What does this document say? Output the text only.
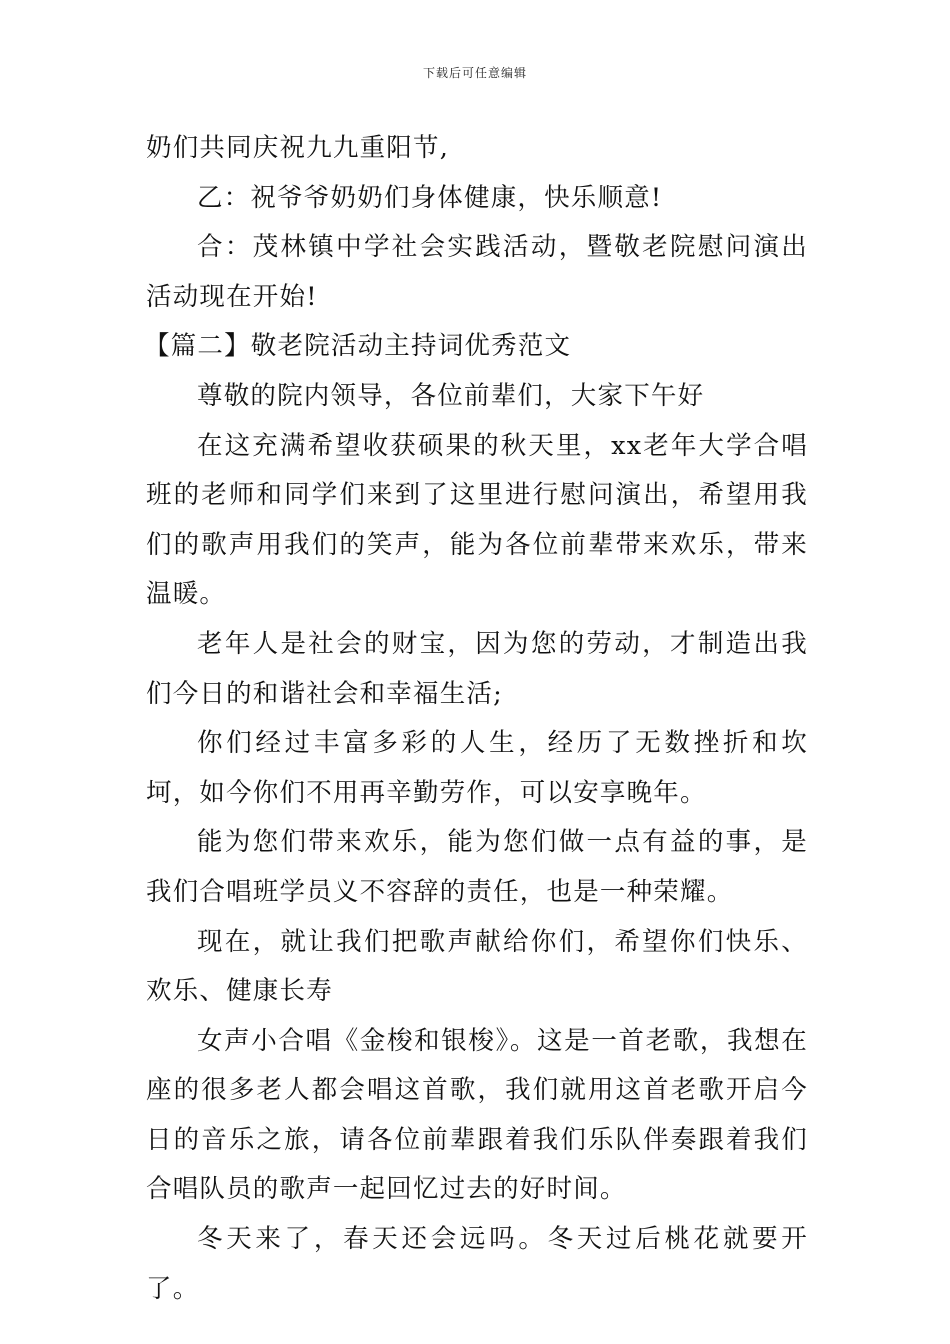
下载后可任意编辑

奶们共同庆祝九九重阳节,

乙：祝爷爷奶奶们身体健康，快乐顺意!

合：茂林镇中学社会实践活动，暨敬老院慰问演出活动现在开始!

【篇二】敬老院活动主持词优秀范文

尊敬的院内领导，各位前辈们，大家下午好

在这充满希望收获硕果的秋天里，xx老年大学合唱班的老师和同学们来到了这里进行慰问演出，希望用我们的歌声用我们的笑声，能为各位前辈带来欢乐，带来温暖。

老年人是社会的财宝，因为您的劳动，才制造出我们今日的和谐社会和幸福生活;

你们经过丰富多彩的人生，经历了无数挫折和坎坷，如今你们不用再辛勤劳作，可以安享晚年。

能为您们带来欢乐，能为您们做一点有益的事，是我们合唱班学员义不容辞的责任，也是一种荣耀。

现在，就让我们把歌声献给你们，希望你们快乐、欢乐、健康长寿

女声小合唱《金梭和银梭》。这是一首老歌，我想在座的很多老人都会唱这首歌，我们就用这首老歌开启今日的音乐之旅，请各位前辈跟着我们乐队伴奏跟着我们合唱队员的歌声一起回忆过去的好时间。

冬天来了，春天还会远吗。冬天过后桃花就要开了。
